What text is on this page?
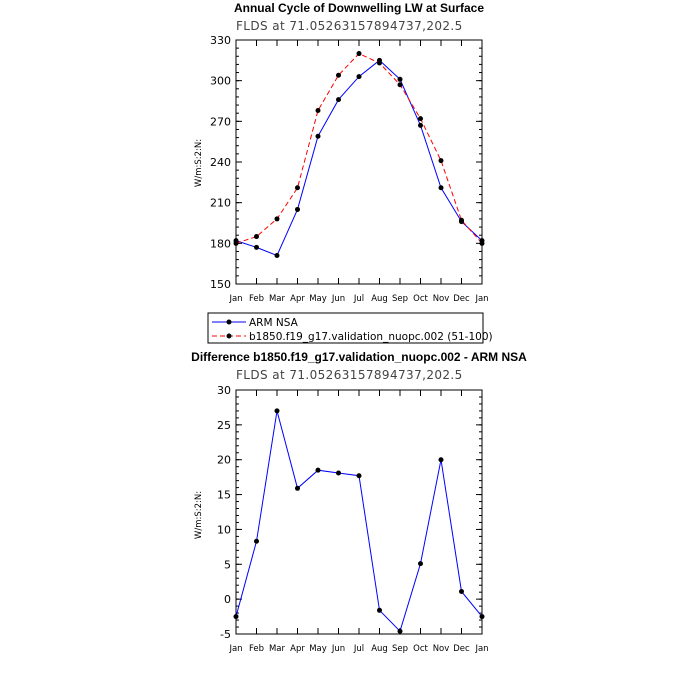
Annual Cycle of Downwelling LW at Surface
FLDS at 71.05263157894737,202.5
W/m:S:2:N:
150
180
210
240
270
300
330
Jan Feb Mar Apr May Jun Jul Aug Sep Oct Nov Dec Jan
ARM NSA
b1850.f19_g17.validation_nuopc.002 (51-100)
Difference b1850.f19_g17.validation_nuopc.002 - ARM NSA
FLDS at 71.05263157894737,202.5
W/m:S:2:N:
-5
0
5
10
15
20
25
30
Jan Feb Mar Apr May Jun Jul Aug Sep Oct Nov Dec Jan
